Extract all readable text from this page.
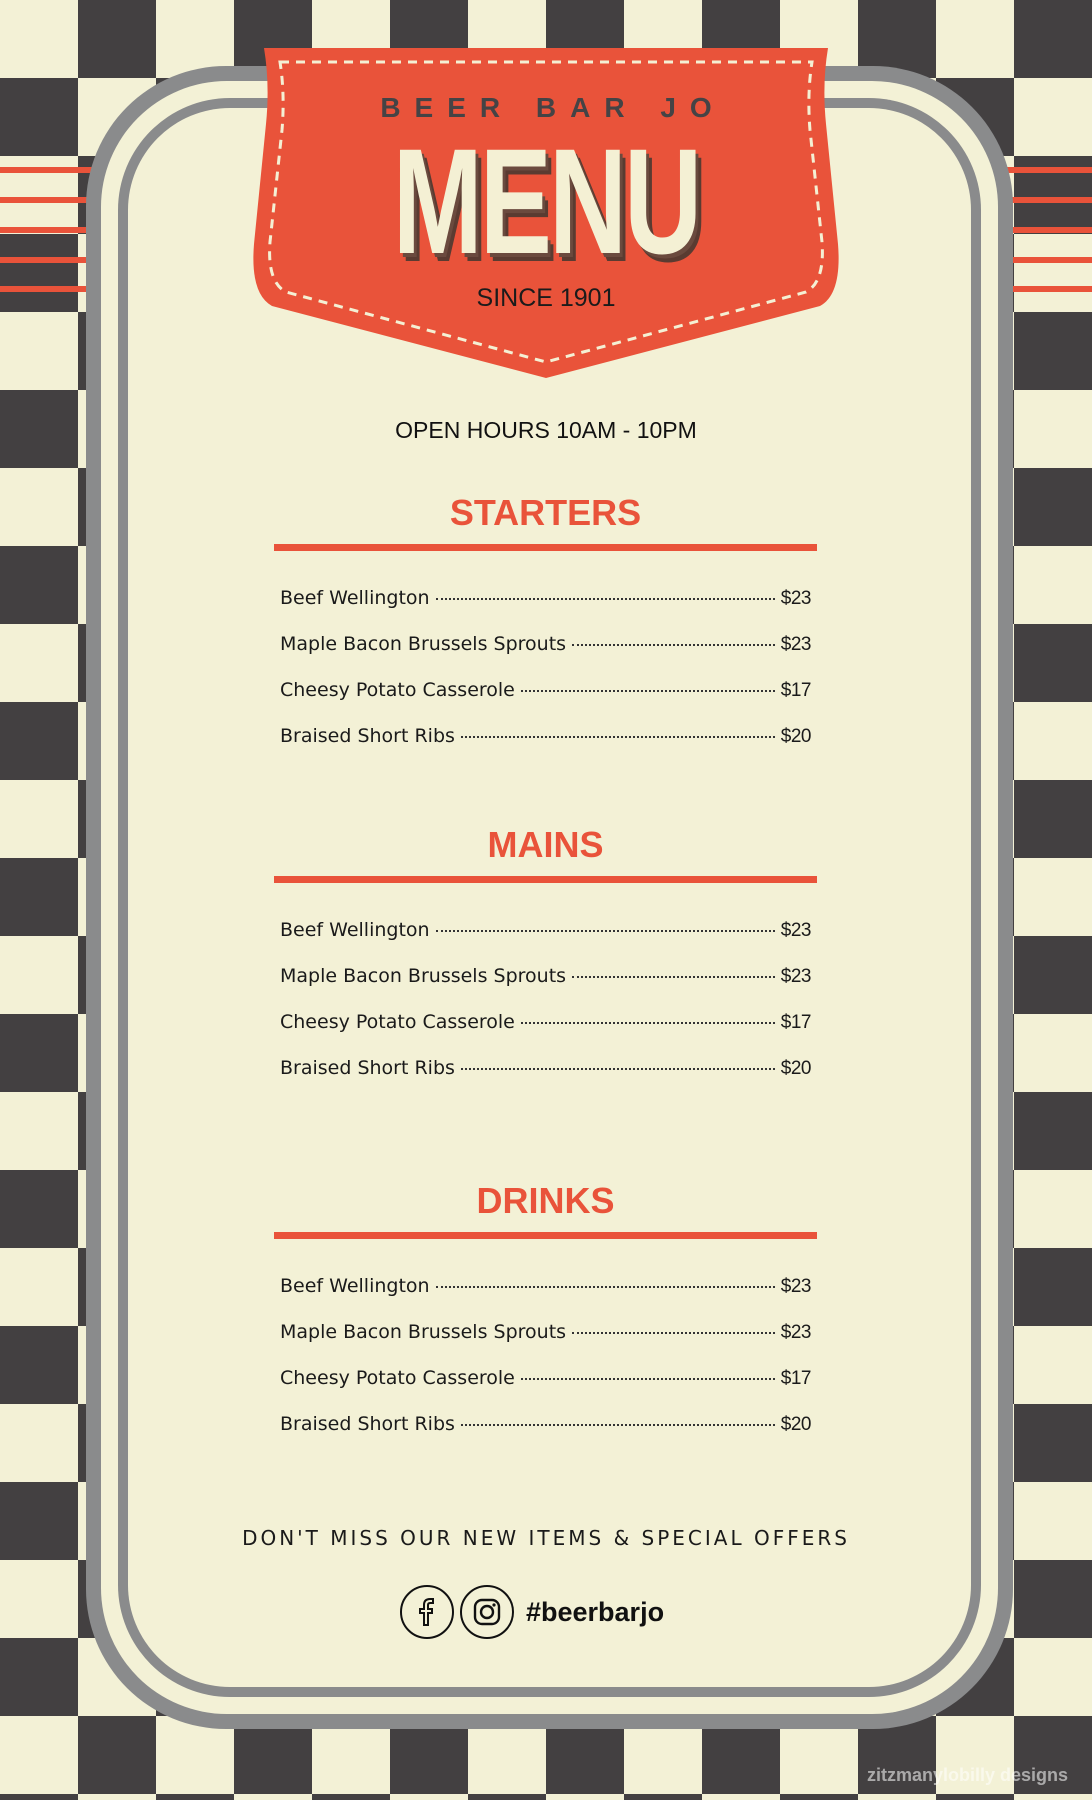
BEER BAR JO
MENU
SINCE 1901
OPEN HOURS 10AM - 10PM
STARTERS
Beef Wellington	$23
Maple Bacon Brussels Sprouts	$23
Cheesy Potato Casserole	$17
Braised Short Ribs	$20
MAINS
Beef Wellington	$23
Maple Bacon Brussels Sprouts	$23
Cheesy Potato Casserole	$17
Braised Short Ribs	$20
DRINKS
Beef Wellington	$23
Maple Bacon Brussels Sprouts	$23
Cheesy Potato Casserole	$17
Braised Short Ribs	$20
DON'T MISS OUR NEW ITEMS & SPECIAL OFFERS
#beerbarjo
zitzmanylobilly designs
